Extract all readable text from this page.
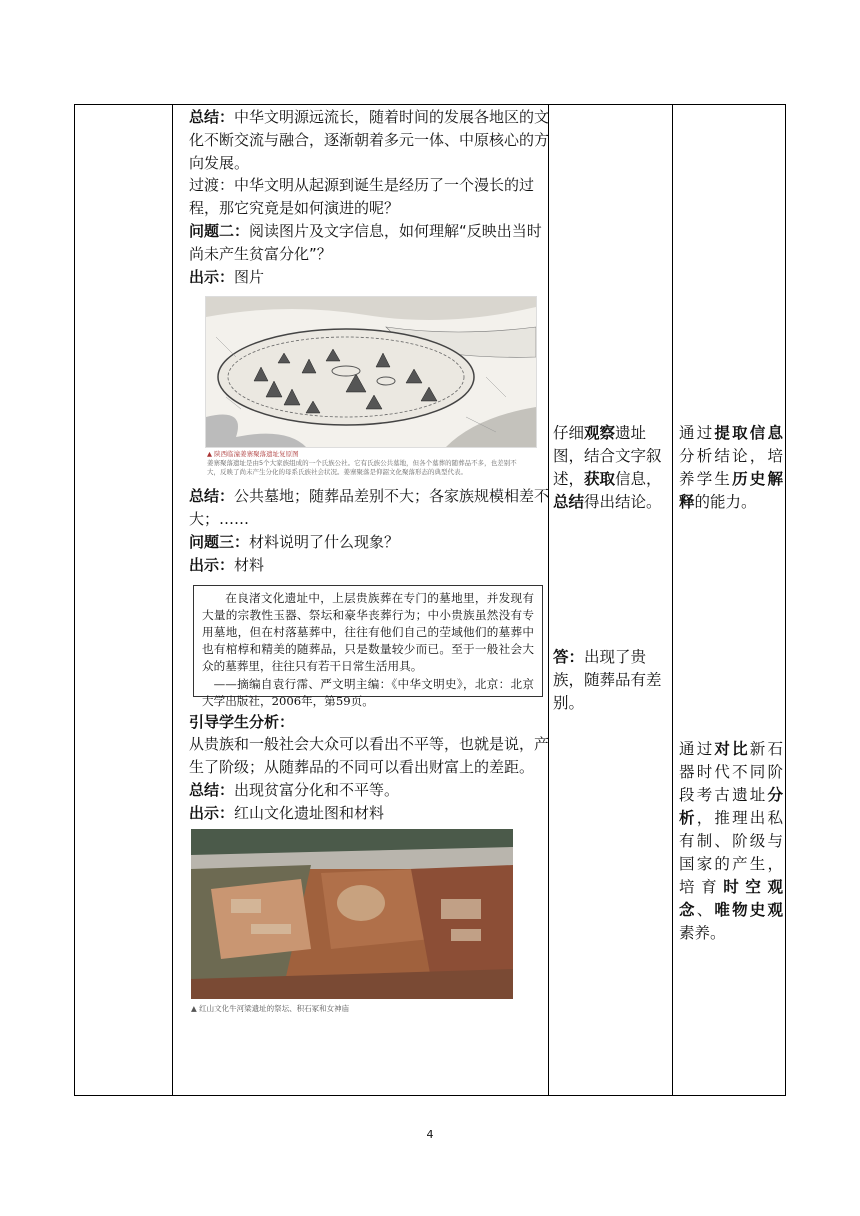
总结：中华文明源远流长，随着时间的发展各地区的文化不断交流与融合，逐渐朝着多元一体、中原核心的方向发展。

过渡：中华文明从起源到诞生是经历了一个漫长的过程，那它究竟是如何演进的呢？

问题二：阅读图片及文字信息，如何理解“反映出当时尚未产生贫富分化”？

出示：图片

▲ 陕西临潼姜寨聚落遗址复原图
姜寨聚落遗址是由5个大家族组成的一个氏族公社。它有氏族公共墓地，但各个墓葬的随葬品不多，也差别不大，反映了尚未产生分化的母系氏族社会状况。姜寨聚落是仰韶文化聚落形态的典型代表。

总结：公共墓地；随葬品差别不大；各家族规模相差不大；……

问题三：材料说明了什么现象？

出示：材料

在良渚文化遗址中，上层贵族葬在专门的墓地里，并发现有大量的宗教性玉器、祭坛和豪华丧葬行为；中小贵族虽然没有专用墓地，但在村落墓葬中，往往有他们自己的茔域他们的墓葬中也有棺椁和精美的随葬品，只是数量较少而已。至于一般社会大众的墓葬里，往往只有若干日常生活用具。
——摘编自袁行霈、严文明主编：《中华文明史》，北京：北京大学出版社，2006年，第59页。

引导学生分析：

从贵族和一般社会大众可以看出不平等，也就是说，产生了阶级；从随葬品的不同可以看出财富上的差距。

总结：出现贫富分化和不平等。

出示：红山文化遗址图和材料

▲ 红山文化牛河梁遗址的祭坛、积石冢和女神庙
仔细观察遗址图，结合文字叙述，获取信息，总结得出结论。
答：出现了贵族，随葬品有差别。
通过提取信息分析结论，培养学生历史解释的能力。
通过对比新石器时代不同阶段考古遗址分析，推理出私有制、阶级与国家的产生，培育时空观念、唯物史观素养。
4
